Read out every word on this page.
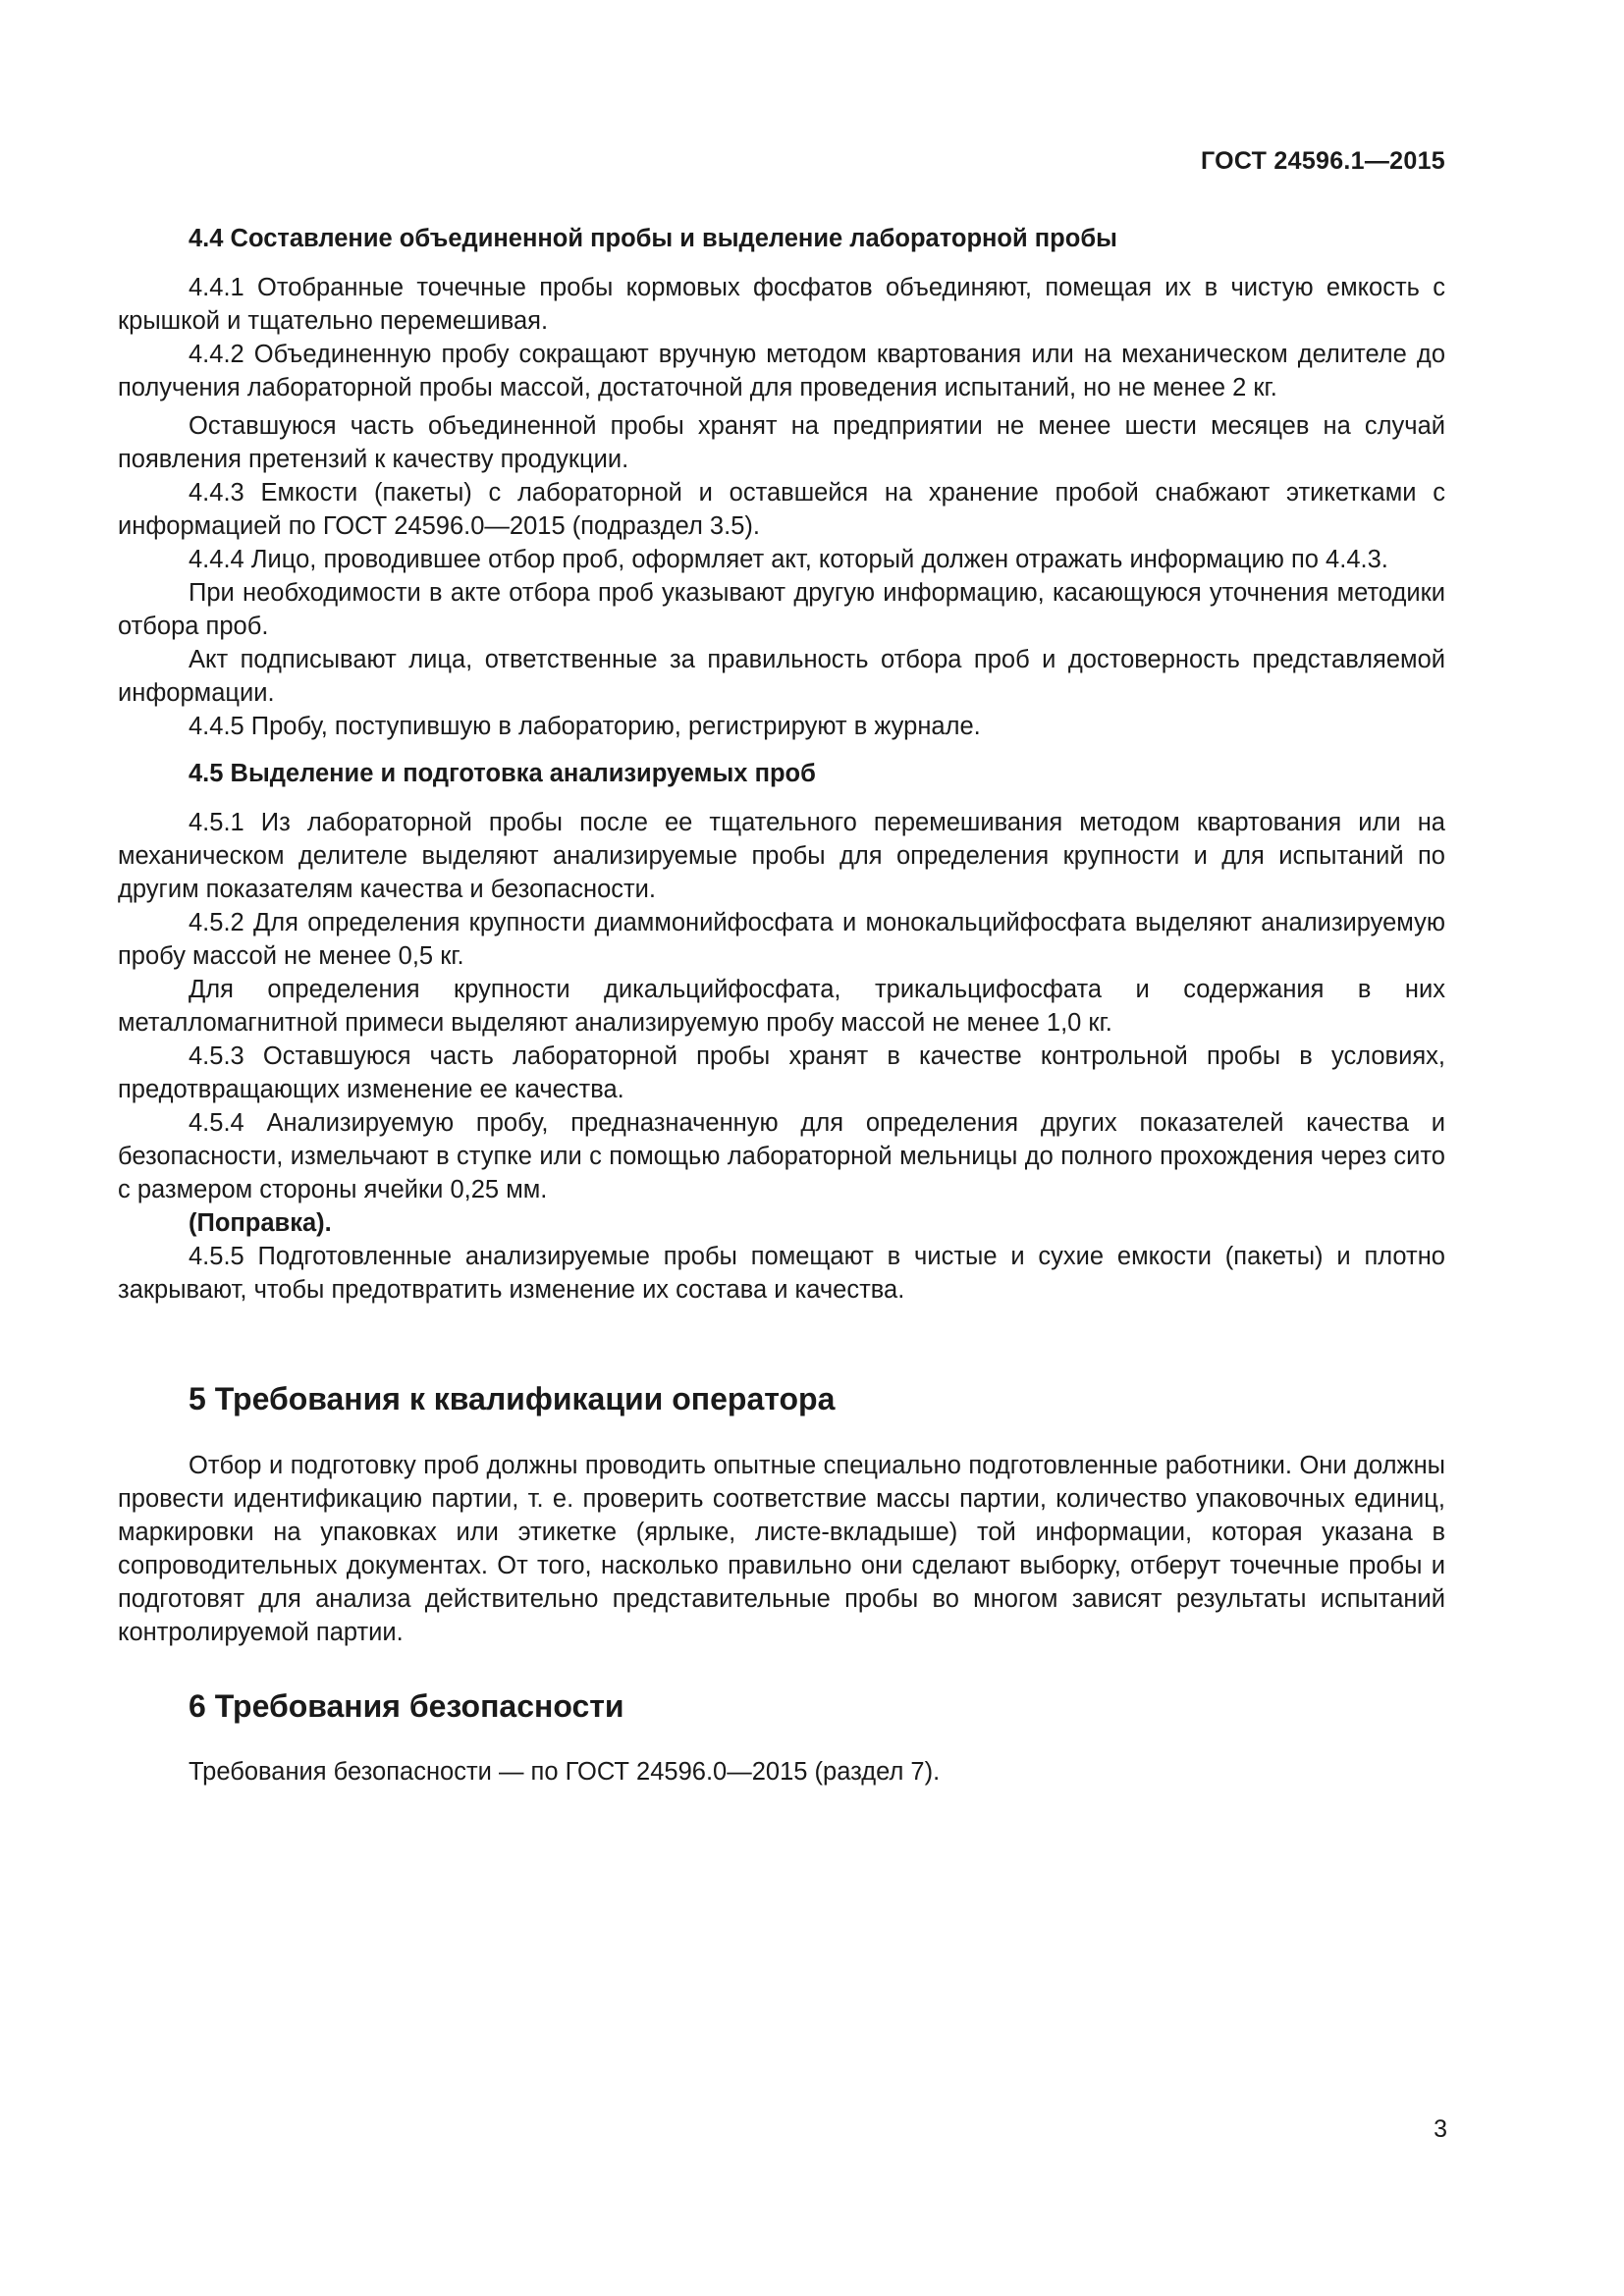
ГОСТ 24596.1—2015
4.4 Составление объединенной пробы и выделение лабораторной пробы

4.4.1 Отобранные точечные пробы кормовых фосфатов объединяют, помещая их в чистую емкость с крышкой и тщательно перемешивая.

4.4.2 Объединенную пробу сокращают вручную методом квартования или на механическом делителе до получения лабораторной пробы массой, достаточной для проведения испытаний, но не менее 2 кг.

Оставшуюся часть объединенной пробы хранят на предприятии не менее шести месяцев на случай появления претензий к качеству продукции.

4.4.3 Емкости (пакеты) с лабораторной и оставшейся на хранение пробой снабжают этикетками с информацией по ГОСТ 24596.0—2015 (подраздел 3.5).

4.4.4 Лицо, проводившее отбор проб, оформляет акт, который должен отражать информацию по 4.4.3.

При необходимости в акте отбора проб указывают другую информацию, касающуюся уточнения методики отбора проб.

Акт подписывают лица, ответственные за правильность отбора проб и достоверность представляемой информации.

4.4.5 Пробу, поступившую в лабораторию, регистрируют в журнале.

4.5 Выделение и подготовка анализируемых проб

4.5.1 Из лабораторной пробы после ее тщательного перемешивания методом квартования или на механическом делителе выделяют анализируемые пробы для определения крупности и для испытаний по другим показателям качества и безопасности.

4.5.2 Для определения крупности диаммонийфосфата и монокальцийфосфата выделяют анализируемую пробу массой не менее 0,5 кг.

Для определения крупности дикальцийфосфата, трикальцифосфата и содержания в них металломагнитной примеси выделяют анализируемую пробу массой не менее 1,0 кг.

4.5.3 Оставшуюся часть лабораторной пробы хранят в качестве контрольной пробы в условиях, предотвращающих изменение ее качества.

4.5.4 Анализируемую пробу, предназначенную для определения других показателей качества и безопасности, измельчают в ступке или с помощью лабораторной мельницы до полного прохождения через сито с размером стороны ячейки 0,25 мм.

(Поправка).

4.5.5 Подготовленные анализируемые пробы помещают в чистые и сухие емкости (пакеты) и плотно закрывают, чтобы предотвратить изменение их состава и качества.

5 Требования к квалификации оператора

Отбор и подготовку проб должны проводить опытные специально подготовленные работники. Они должны провести идентификацию партии, т. е. проверить соответствие массы партии, количество упаковочных единиц, маркировки на упаковках или этикетке (ярлыке, листе-вкладыше) той информации, которая указана в сопроводительных документах. От того, насколько правильно они сделают выборку, отберут точечные пробы и подготовят для анализа действительно представительные пробы во многом зависят результаты испытаний контролируемой партии.

6 Требования безопасности

Требования безопасности — по ГОСТ 24596.0—2015 (раздел 7).

3
